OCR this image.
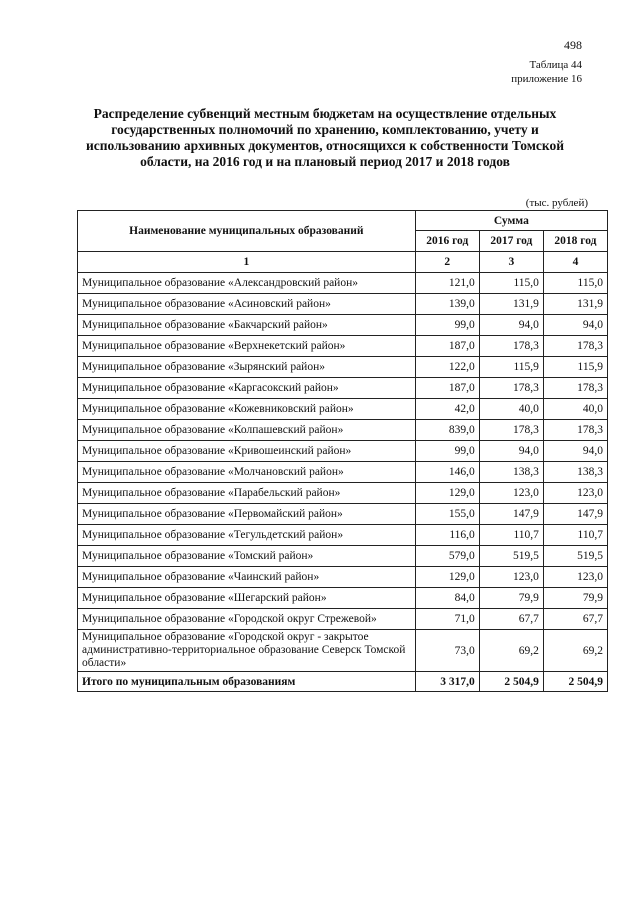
498
Таблица 44
приложение 16
Распределение субвенций местным бюджетам на осуществление отдельных государственных полномочий по хранению, комплектованию, учету и использованию архивных документов, относящихся к собственности Томской области, на 2016 год и на плановый период 2017 и 2018 годов
(тыс. рублей)
Наименование муниципальных образований	Сумма		
	2016 год	2017 год	2018 год
1	2	3	4
Муниципальное образование «Александровский район»	121,0	115,0	115,0
Муниципальное образование «Асиновский район»	139,0	131,9	131,9
Муниципальное образование «Бакчарский район»	99,0	94,0	94,0
Муниципальное образование «Верхнекетский район»	187,0	178,3	178,3
Муниципальное образование «Зырянский район»	122,0	115,9	115,9
Муниципальное образование «Каргасокский район»	187,0	178,3	178,3
Муниципальное образование «Кожевниковский район»	42,0	40,0	40,0
Муниципальное образование «Колпашевский район»	839,0	178,3	178,3
Муниципальное образование «Кривошеинский район»	99,0	94,0	94,0
Муниципальное образование «Молчановский район»	146,0	138,3	138,3
Муниципальное образование «Парабельский район»	129,0	123,0	123,0
Муниципальное образование «Первомайский район»	155,0	147,9	147,9
Муниципальное образование «Тегульдетский район»	116,0	110,7	110,7
Муниципальное образование «Томский район»	579,0	519,5	519,5
Муниципальное образование «Чаинский район»	129,0	123,0	123,0
Муниципальное образование «Шегарский район»	84,0	79,9	79,9
Муниципальное образование «Городской округ Стрежевой»	71,0	67,7	67,7
Муниципальное образование «Городской округ - закрытое административно-территориальное образование Северск Томской области»	73,0	69,2	69,2
Итого по муниципальным образованиям	3 317,0	2 504,9	2 504,9
